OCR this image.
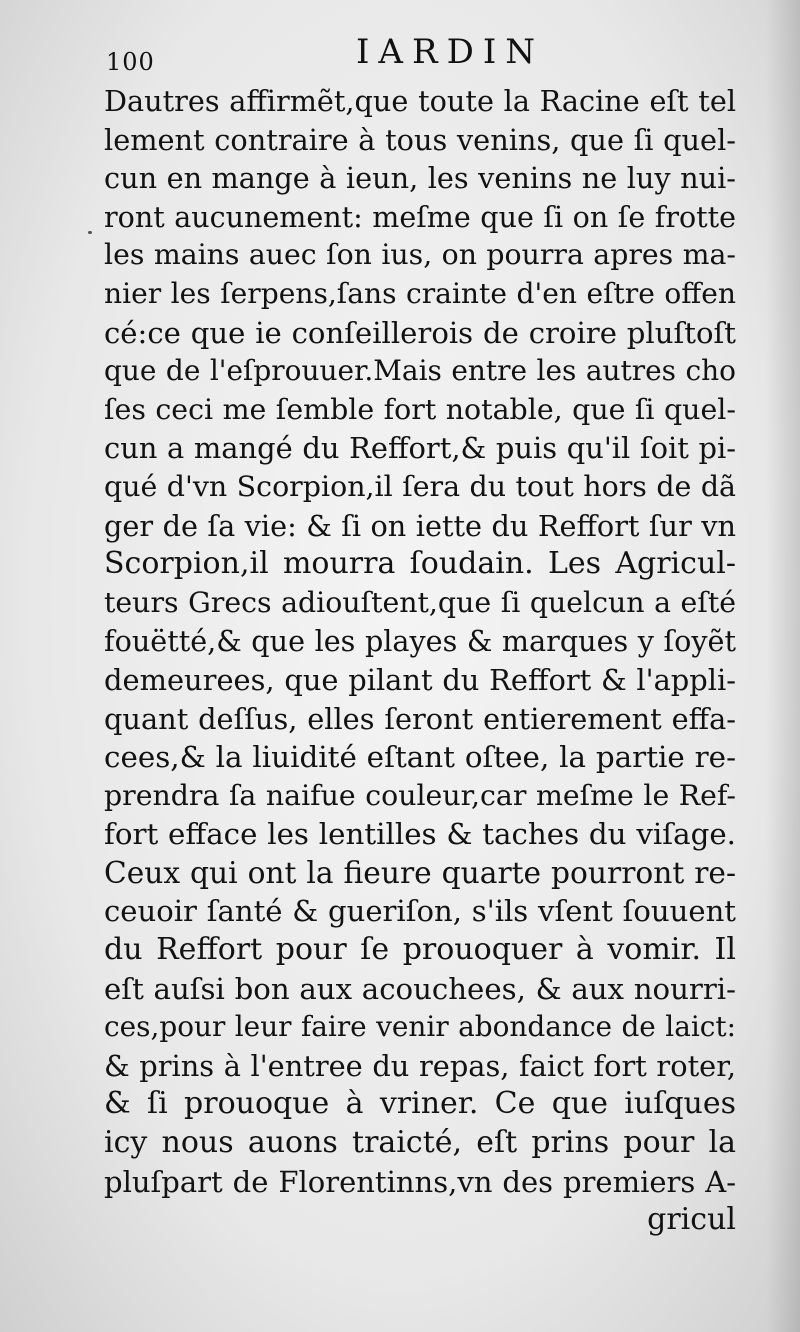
100	IARDIN
Dautres affirmẽt,que toute la Racine eſt tel
lement contraire à tous venins, que ſi quel-
cun en mange à ieun, les venins ne luy nui-
ront aucunement: meſme que ſi on ſe frotte
les mains auec ſon ius, on pourra apres ma-
nier les ſerpens,ſans crainte d'en eſtre offen
cé:ce que ie conſeillerois de croire pluſtoſt
que de l'eſprouuer.Mais entre les autres cho
ſes ceci me ſemble fort notable, que ſi quel-
cun a mangé du Reffort,& puis qu'il ſoit pi-
qué d'vn Scorpion,il ſera du tout hors de dã
ger de ſa vie: & ſi on iette du Reffort ſur vn
Scorpion,il mourra ſoudain. Les Agricul-
teurs Grecs adiouſtent,que ſi quelcun a eſté
fouëtté,& que les playes & marques y ſoyẽt
demeurees, que pilant du Reffort & l'appli-
quant deſſus, elles ſeront entierement effa-
cees,& la liuidité eſtant oſtee, la partie re-
prendra ſa naifue couleur,car meſme le Ref-
fort efface les lentilles & taches du viſage.
Ceux qui ont la fieure quarte pourront re-
ceuoir ſanté & gueriſon, s'ils vſent ſouuent
du Reffort pour ſe prouoquer à vomir. Il
eſt auſsi bon aux acouchees, & aux nourri-
ces,pour leur faire venir abondance de laict:
& prins à l'entree du repas, faict fort roter,
& ſi prouoque à vriner. Ce que iuſques
icy nous auons traicté, eſt prins pour la
pluſpart de Florentinns,vn des premiers A-
gricul
